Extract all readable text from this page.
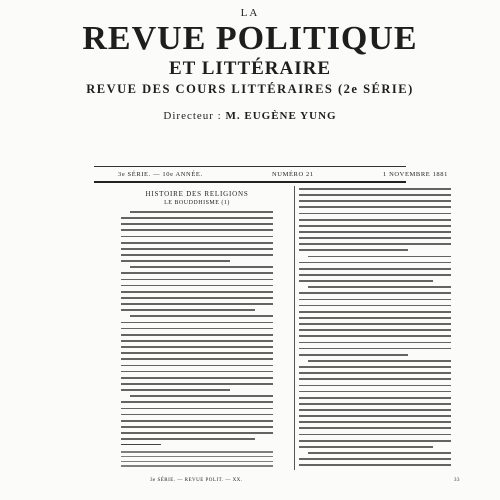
LA

REVUE POLITIQUE

ET LITTÉRAIRE

REVUE DES COURS LITTÉRAIRES (2e SÉRIE)

Directeur : M. EUGÈNE YUNG
3e SÉRIE. — 10e ANNÉE.	NUMÉRO 21	1 NOVEMBRE 1881

HISTOIRE DES RELIGIONS

LE BOUDDHISME (1)

3e SÉRIE. — REVUE POLIT. — XX.	33
